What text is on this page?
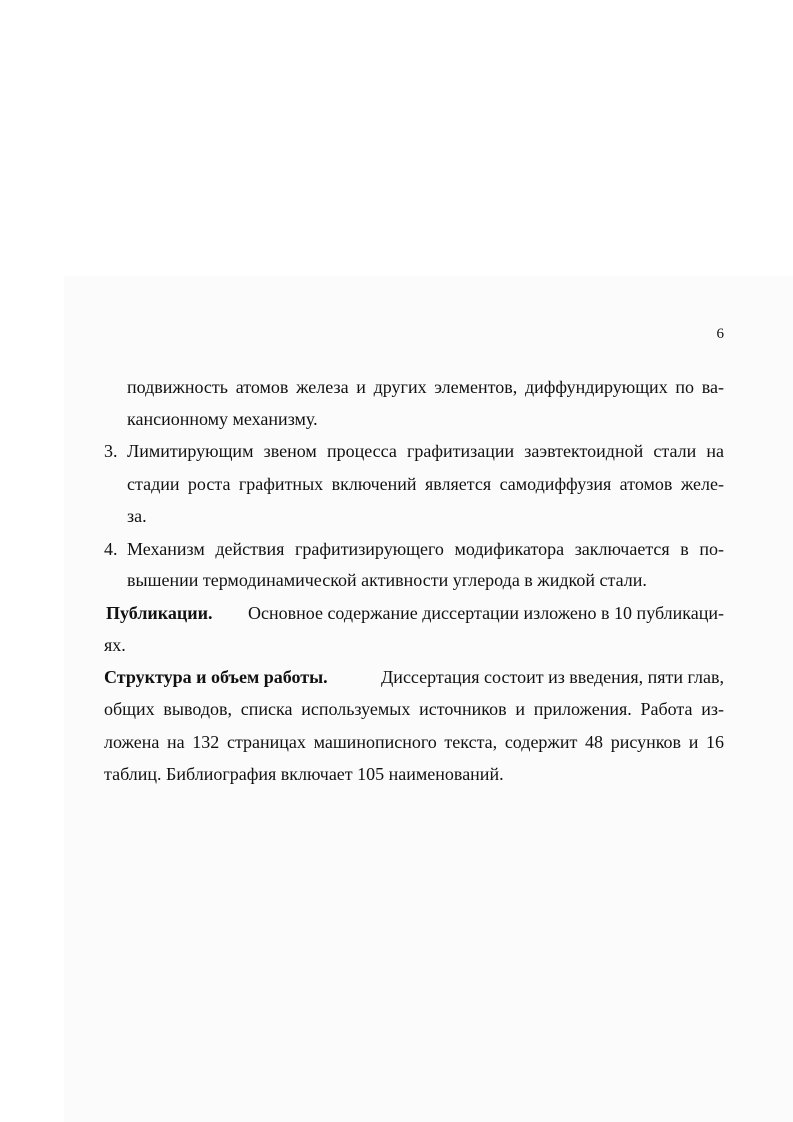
6
подвижность атомов железа и других элементов, диффундирующих по ва-
кансионному механизму.
3. Лимитирующим звеном процесса графитизации заэвтектоидной стали на
стадии роста графитных включений является самодиффузия атомов желе-
за.
4. Механизм действия графитизирующего модификатора заключается в по-
вышении термодинамической активности углерода в жидкой стали.
Публикации. Основное содержание диссертации изложено в 10 публикаци-
ях.
Структура и объем работы.	Диссертация состоит из введения, пяти глав,
общих выводов, списка используемых источников и приложения. Работа из-
ложена на 132 страницах машинописного текста, содержит 48 рисунков и 16
таблиц. Библиография включает 105 наименований.
